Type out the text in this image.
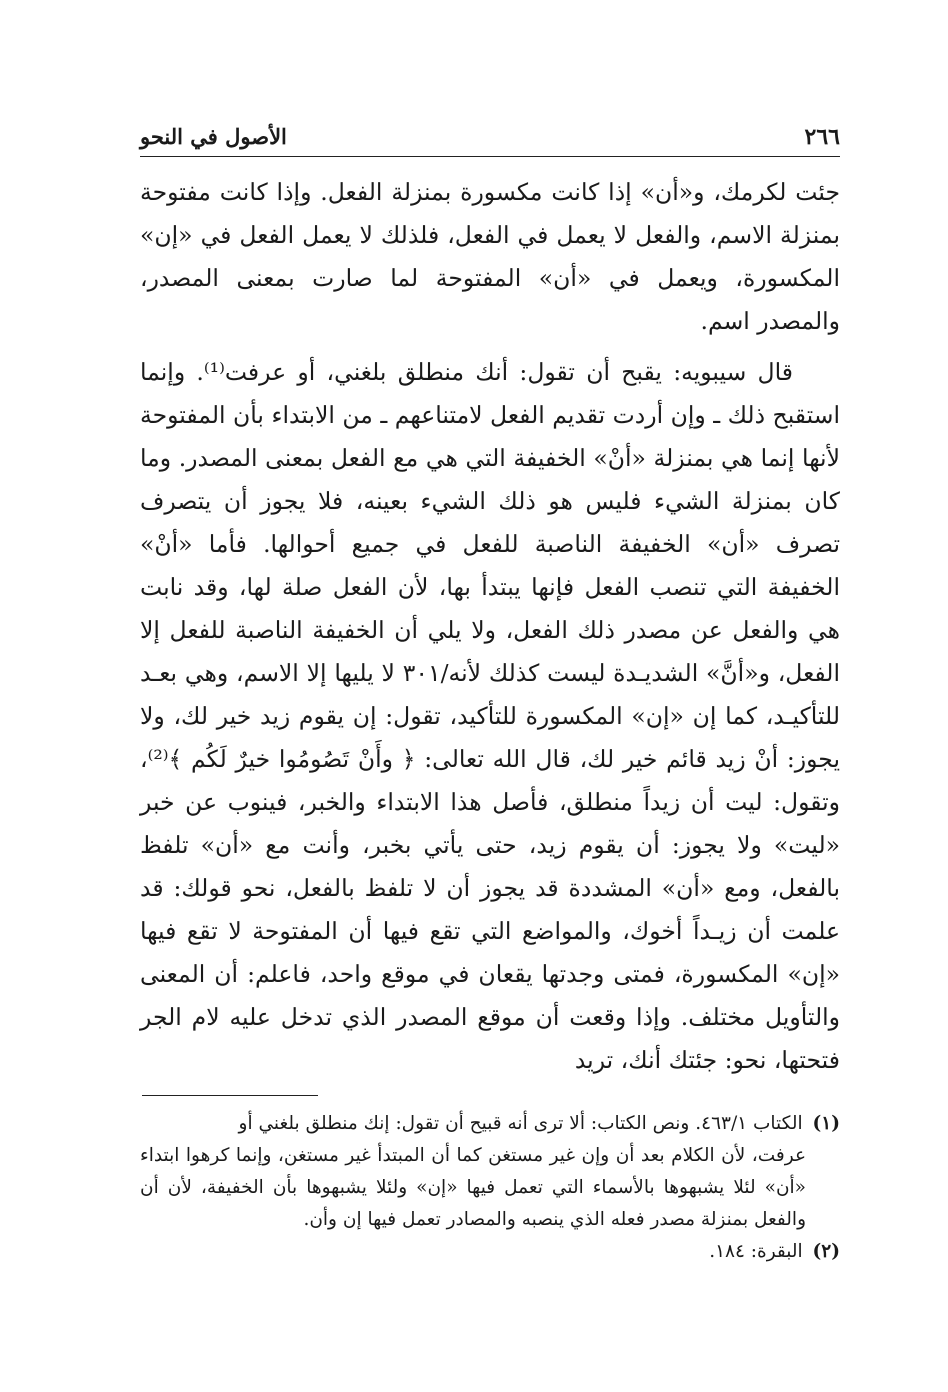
٢٦٦
الأصول في النحو

جئت لكرمك، و«أن» إذا كانت مكسورة بمنزلة الفعل. وإذا كانت مفتوحة بمنزلة الاسم، والفعل لا يعمل في الفعل، فلذلك لا يعمل الفعل في «إن» المكسورة، ويعمل في «أن» المفتوحة لما صارت بمعنى المصدر، والمصدر اسم.

قال سيبويه: يقبح أن تقول: أنك منطلق بلغني، أو عرفت⁽¹⁾. وإنما استقبح ذلك ـ وإن أردت تقديم الفعل لامتناعهم ـ من الابتداء بأن المفتوحة لأنها إنما هي بمنزلة «أنْ» الخفيفة التي هي مع الفعل بمعنى المصدر. وما كان بمنزلة الشيء فليس هو ذلك الشيء بعينه، فلا يجوز أن يتصرف تصرف «أن» الخفيفة الناصبة للفعل في جميع أحوالها. فأما «أنْ» الخفيفة التي تنصب الفعل فإنها يبتدأ بها، لأن الفعل صلة لها، وقد نابت هي والفعل عن مصدر ذلك الفعل، ولا يلي أن الخفيفة الناصبة للفعل إلا الفعل، و«أنَّ» الشديـدة ليست كذلك لأنه/٣٠١ لا يليها إلا الاسم، وهي بعـد للتأكيـد، كما إن «إن» المكسورة للتأكيد، تقول: إن يقوم زيد خير لك، ولا يجوز: أنْ زيد قائم خير لك، قال الله تعالى: ﴿ وأَنْ تَصُومُوا خيرٌ لَكُم ﴾⁽²⁾، وتقول: ليت أن زيداً منطلق، فأصل هذا الابتداء والخبر، فينوب عن خبر «ليت» ولا يجوز: أن يقوم زيد، حتى يأتي بخبر، وأنت مع «أن» تلفظ بالفعل، ومع «أن» المشددة قد يجوز أن لا تلفظ بالفعل، نحو قولك: قد علمت أن زيـداً أخوك، والمواضع التي تقع فيها أن المفتوحة لا تقع فيها «إن» المكسورة، فمتى وجدتها يقعان في موقع واحد، فاعلم: أن المعنى والتأويل مختلف. وإذا وقعت أن موقع المصدر الذي تدخل عليه لام الجر فتحتها، نحو: جئتك أنك، تريد

(١) الكتاب ٤٦٣/١. ونص الكتاب: ألا ترى أنه قبيح أن تقول: إنك منطلق بلغني أو

عرفت، لأن الكلام بعد أن وإن غير مستغن كما أن المبتدأ غير مستغن، وإنما كرهوا ابتداء «أن» لئلا يشبهوها بالأسماء التي تعمل فيها «إن» ولئلا يشبهوها بأن الخفيفة، لأن أن والفعل بمنزلة مصدر فعله الذي ينصبه والمصادر تعمل فيها إن وأن.

(٢) البقرة: ١٨٤.
